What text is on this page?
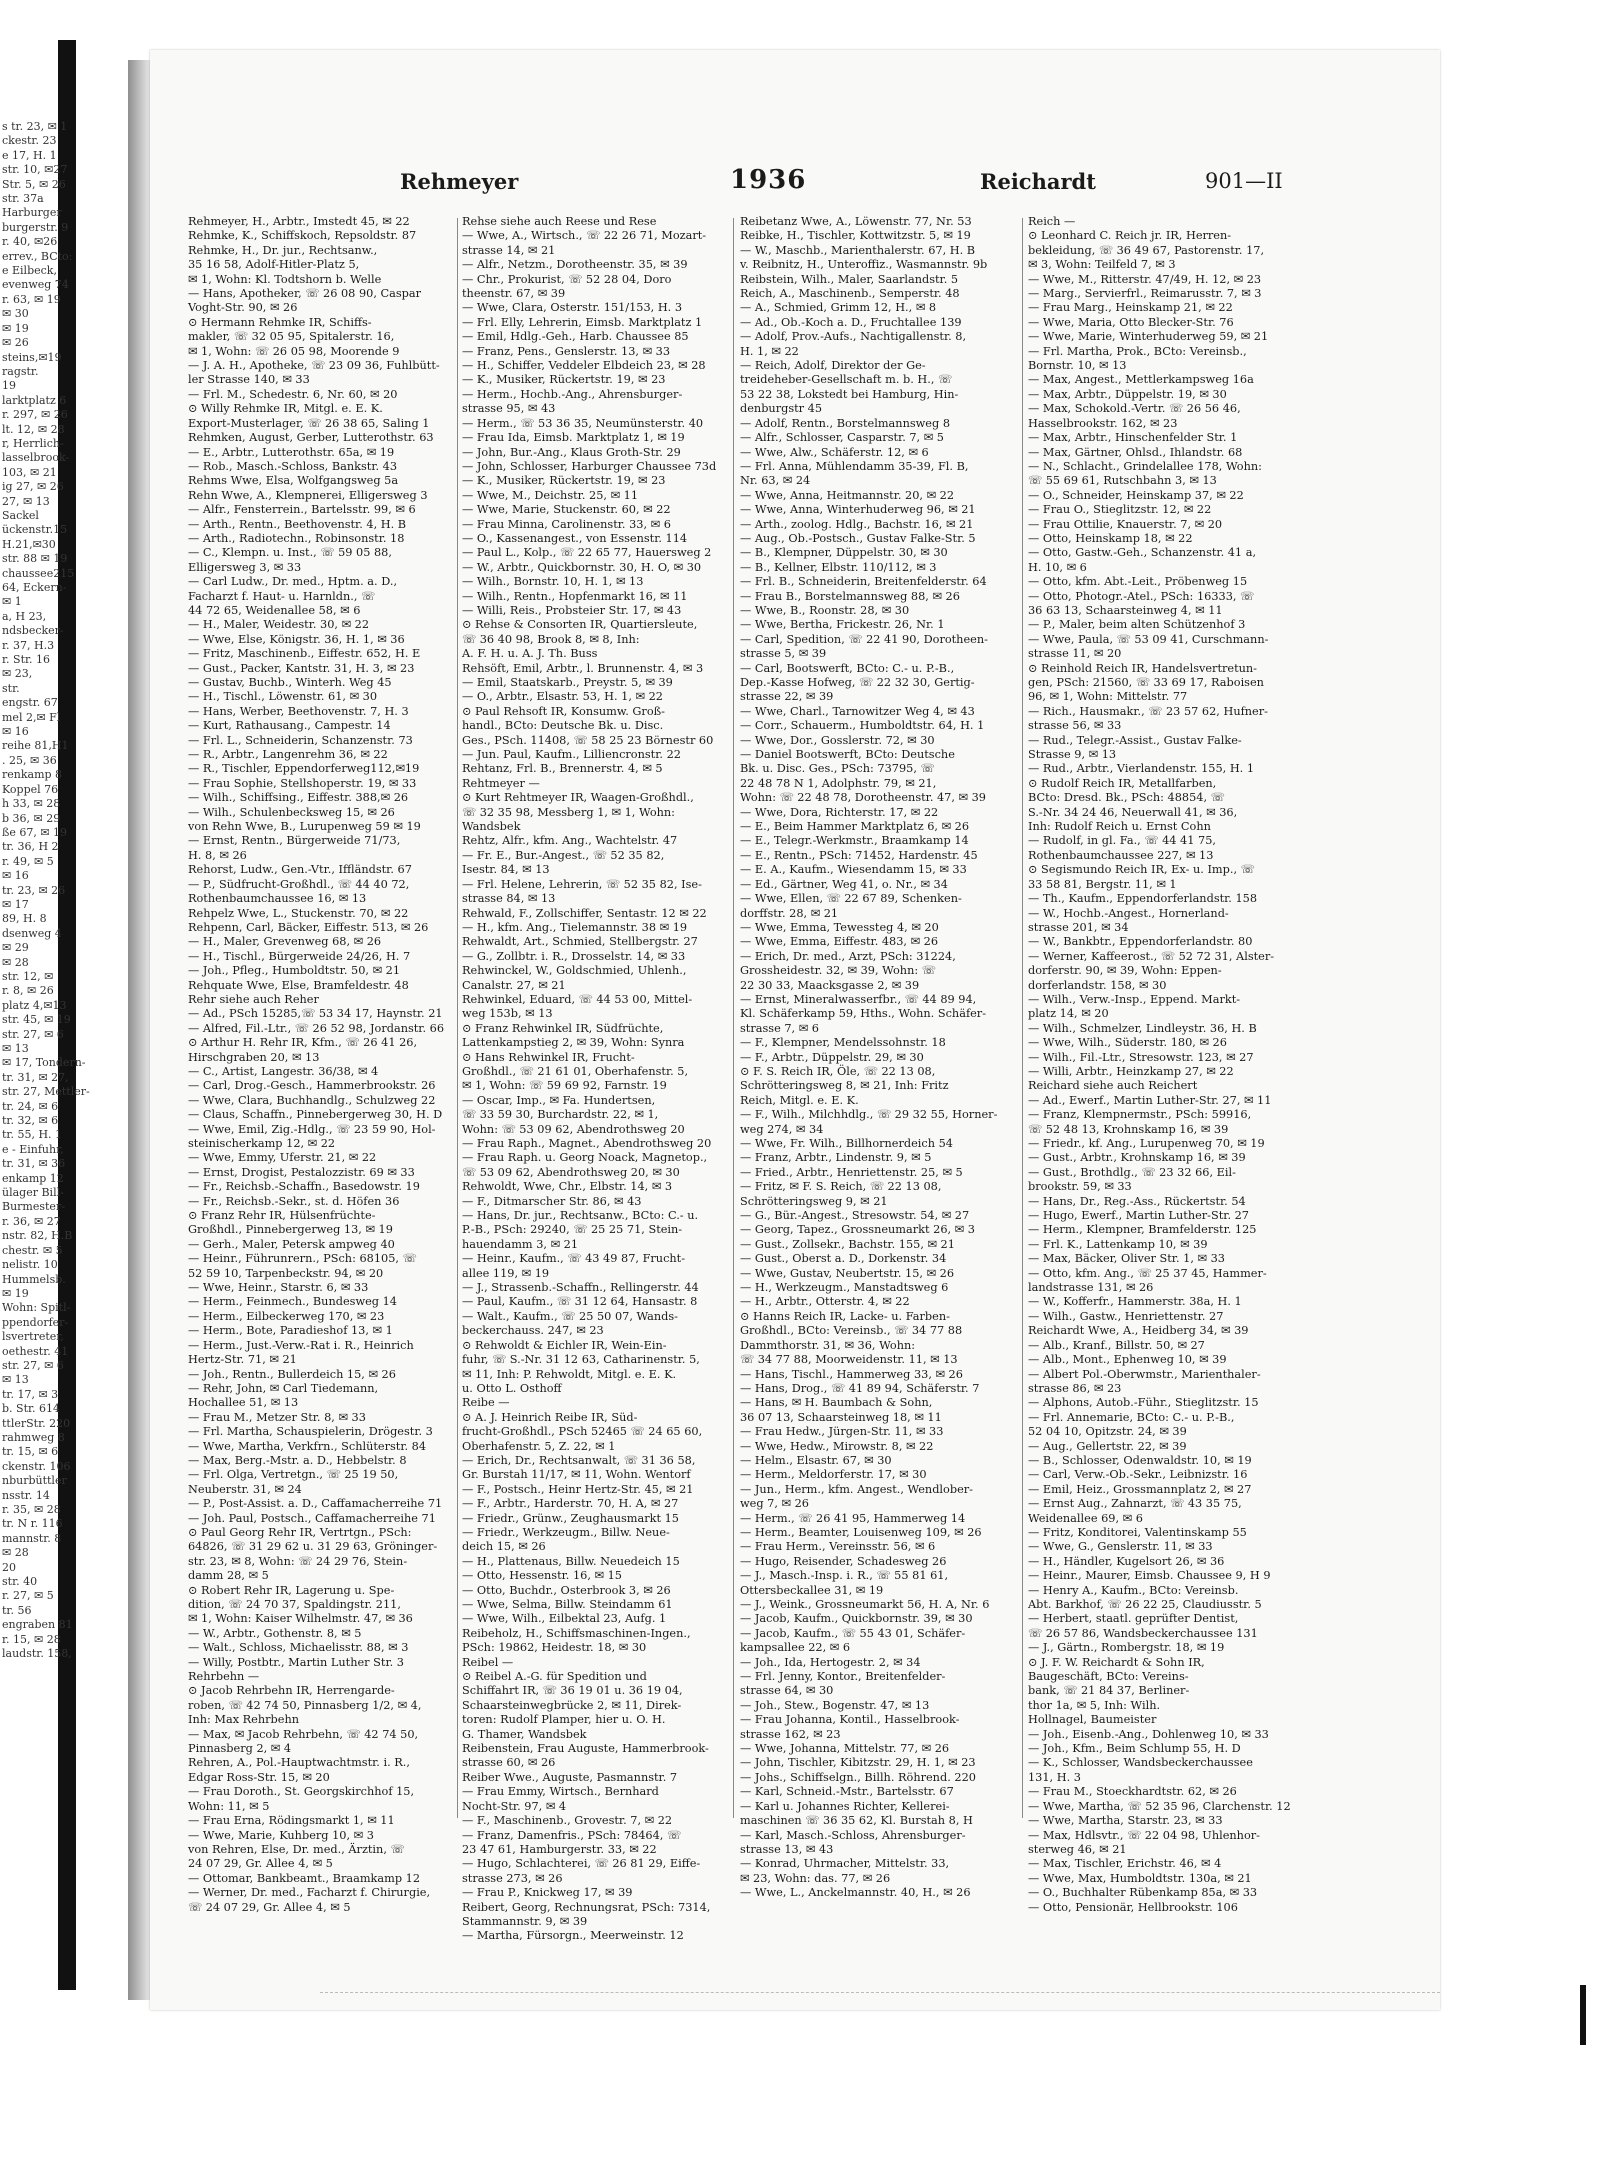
s tr. 23, ✉ 1
ckestr. 23
e 17, H. 1
str. 10, ✉27
Str. 5, ✉ 26
str. 37a
Harburger
burgerstr. 9
r. 40, ✉26
errev., BCto:
e Eilbeck,
evenweg 74
r. 63, ✉ 19
✉ 30
✉ 19
✉ 26
steins,✉19
ragstr.
19
larktplatz 6
r. 297, ✉ 26
lt. 12, ✉ 28
r, Herrlich-
lasselbrook-
103, ✉ 21
ig 27, ✉ 26
27, ✉ 13
Sackel
ückenstr.15
H.21,✉30
str. 88 ✉ 19
chaussee215
64, Eckern-
✉ 1
a, H 23,
ndsbecker-
r. 37, H.3
r. Str. 16
✉ 23,
str.
engstr. 67
mel 2,✉ Fl
✉ 16
reihe 81,H1
. 25, ✉ 36
renkamp 8
Koppel 76
h 33, ✉ 28
b 36, ✉ 29
ße 67, ✉ 19
tr. 36, H 2
r. 49, ✉ 5
✉ 16
tr. 23, ✉ 26
✉ 17
89, H. 8
dsenweg 4
✉ 29
✉ 28
str. 12, ✉
r. 8, ✉ 26
platz 4,✉13
str. 45, ✉ 19
str. 27, ✉ 6
✉ 13
✉ 17, Tondern-
tr. 31, ✉ 27,
str. 27, Mettler-
tr. 24, ✉ 6
tr. 32, ✉ 6
tr. 55, H. 1
e - Einfuhr,
tr. 31, ✉ 36
enkamp 12
ülager Bill-
Burmester-
r. 36, ✉ 27
nstr. 82, H.B
chestr. ✉ 5
nelistr. 10
Hummelsb.
✉ 19
Wohn: Spitl-
ppendorfer-
lsvertreter,
oethestr. 41
str. 27, ✉ 6
✉ 13
tr. 17, ✉ 3
b. Str. 614
ttlerStr. 220
rahmweg 8
tr. 15, ✉ 6
ckenstr. 106
nburbüttler
nsstr. 14
r. 35, ✉ 28
tr. N r. 116
mannstr. 8
✉ 28
20
str. 40
r. 27, ✉ 5
tr. 56
engraben 81
r. 15, ✉ 28
laudstr. 158,
Rehmeyer	1936	Reichardt	901—II
Rehmeyer, H., Arbtr., Imstedt 45, ✉ 22
Rehmke, K., Schiffskoch, Repsoldstr. 87
Rehmke, H., Dr. jur., Rechtsanw.,
35 16 58, Adolf-Hitler-Platz 5,
✉ 1, Wohn: Kl. Todtshorn b. Welle
— Hans, Apotheker, ☏ 26 08 90, Caspar
Voght-Str. 90, ✉ 26
⊙ Hermann Rehmke IR, Schiffs-
makler, ☏ 32 05 95, Spitalerstr. 16,
✉ 1, Wohn: ☏ 26 05 98, Moorende 9
— J. A. H., Apotheke, ☏ 23 09 36, Fuhlbütt-
ler Strasse 140, ✉ 33
— Frl. M., Schedestr. 6, Nr. 60, ✉ 20
⊙ Willy Rehmke IR, Mitgl. e. E. K.
Export-Musterlager, ☏ 26 38 65, Saling 1
Rehmken, August, Gerber, Lutterothstr. 63
— E., Arbtr., Lutterothstr. 65a, ✉ 19
— Rob., Masch.-Schloss, Bankstr. 43
Rehms Wwe, Elsa, Wolfgangsweg 5a
Rehn Wwe, A., Klempnerei, Elligersweg 3
— Alfr., Fensterrein., Bartelsstr. 99, ✉ 6
— Arth., Rentn., Beethovenstr. 4, H. B
— Arth., Radiotechn., Robinsonstr. 18
— C., Klempn. u. Inst., ☏ 59 05 88,
Elligersweg 3, ✉ 33
— Carl Ludw., Dr. med., Hptm. a. D.,
Facharzt f. Haut- u. Harnldn., ☏
44 72 65, Weidenallee 58, ✉ 6
— H., Maler, Weidestr. 30, ✉ 22
— Wwe, Else, Königstr. 36, H. 1, ✉ 36
— Fritz, Maschinenb., Eiffestr. 652, H. E
— Gust., Packer, Kantstr. 31, H. 3, ✉ 23
— Gustav, Buchb., Winterh. Weg 45
— H., Tischl., Löwenstr. 61, ✉ 30
— Hans, Werber, Beethovenstr. 7, H. 3
— Kurt, Rathausang., Campestr. 14
— Frl. L., Schneiderin, Schanzenstr. 73
— R., Arbtr., Langenrehm 36, ✉ 22
— R., Tischler, Eppendorferweg112,✉19
— Frau Sophie, Stellshoperstr. 19, ✉ 33
— Wilh., Schiffsing., Eiffestr. 388,✉ 26
— Wilh., Schulenbecksweg 15, ✉ 26
von Rehn Wwe, B., Lurupenweg 59 ✉ 19
— Ernst, Rentn., Bürgerweide 71/73,
H. 8, ✉ 26
Rehorst, Ludw., Gen.-Vtr., Iffländstr. 67
— P., Südfrucht-Großhdl., ☏ 44 40 72,
Rothenbaumchaussee 16, ✉ 13
Rehpelz Wwe, L., Stuckenstr. 70, ✉ 22
Rehpenn, Carl, Bäcker, Eiffestr. 513, ✉ 26
— H., Maler, Grevenweg 68, ✉ 26
— H., Tischl., Bürgerweide 24/26, H. 7
— Joh., Pfleg., Humboldtstr. 50, ✉ 21
Rehquate Wwe, Else, Bramfeldestr. 48
Rehr siehe auch Reher
— Ad., PSch 15285,☏ 53 34 17, Haynstr. 21
— Alfred, Fil.-Ltr., ☏ 26 52 98, Jordanstr. 66
⊙ Arthur H. Rehr IR, Kfm., ☏ 26 41 26,
Hirschgraben 20, ✉ 13
— C., Artist, Langestr. 36/38, ✉ 4
— Carl, Drog.-Gesch., Hammerbrookstr. 26
— Wwe, Clara, Buchhandlg., Schulzweg 22
— Claus, Schaffn., Pinnebergerweg 30, H. D
— Wwe, Emil, Zig.-Hdlg., ☏ 23 59 90, Hol-
steinischerkamp 12, ✉ 22
— Wwe, Emmy, Uferstr. 21, ✉ 22
— Ernst, Drogist, Pestalozzistr. 69 ✉ 33
— Fr., Reichsb.-Schaffn., Basedowstr. 19
— Fr., Reichsb.-Sekr., st. d. Höfen 36
⊙ Franz Rehr IR, Hülsenfrüchte-
Großhdl., Pinnebergerweg 13, ✉ 19
— Gerh., Maler, Petersk ampweg 40
— Heinr., Führunrern., PSch: 68105, ☏
52 59 10, Tarpenbeckstr. 94, ✉ 20
— Wwe, Heinr., Starstr. 6, ✉ 33
— Herm., Feinmech., Bundesweg 14
— Herm., Eilbeckerweg 170, ✉ 23
— Herm., Bote, Paradieshof 13, ✉ 1
— Herm., Just.-Verw.-Rat i. R., Heinrich
Hertz-Str. 71, ✉ 21
— Joh., Rentn., Bullerdeich 15, ✉ 26
— Rehr, John, ✉ Carl Tiedemann,
Hochallee 51, ✉ 13
— Frau M., Metzer Str. 8, ✉ 33
— Frl. Martha, Schauspielerin, Drögestr. 3
— Wwe, Martha, Verkfrn., Schlüterstr. 84
— Max, Berg.-Mstr. a. D., Hebbelstr. 8
— Frl. Olga, Vertretgn., ☏ 25 19 50,
Neuberstr. 31, ✉ 24
— P., Post-Assist. a. D., Caffamacherreihe 71
— Joh. Paul, Postsch., Caffamacherreihe 71
⊙ Paul Georg Rehr IR, Vertrtgn., PSch:
64826, ☏ 31 29 62 u. 31 29 63, Gröninger-
str. 23, ✉ 8, Wohn: ☏ 24 29 76, Stein-
damm 28, ✉ 5
⊙ Robert Rehr IR, Lagerung u. Spe-
dition, ☏ 24 70 37, Spaldingstr. 211,
✉ 1, Wohn: Kaiser Wilhelmstr. 47, ✉ 36
— W., Arbtr., Gothenstr. 8, ✉ 5
— Walt., Schloss, Michaelisstr. 88, ✉ 3
— Willy, Postbtr., Martin Luther Str. 3
Rehrbehn —
⊙ Jacob Rehrbehn IR, Herrengarde-
roben, ☏ 42 74 50, Pinnasberg 1/2, ✉ 4,
Inh: Max Rehrbehn
— Max, ✉ Jacob Rehrbehn, ☏ 42 74 50,
Pinnasberg 2, ✉ 4
Rehren, A., Pol.-Hauptwachtmstr. i. R.,
Edgar Ross-Str. 15, ✉ 20
— Frau Doroth., St. Georgskirchhof 15,
Wohn: 11, ✉ 5
— Frau Erna, Rödingsmarkt 1, ✉ 11
— Wwe, Marie, Kuhberg 10, ✉ 3
von Rehren, Else, Dr. med., Ärztin, ☏
24 07 29, Gr. Allee 4, ✉ 5
— Ottomar, Bankbeamt., Braamkamp 12
— Werner, Dr. med., Facharzt f. Chirurgie,
☏ 24 07 29, Gr. Allee 4, ✉ 5
Rehse siehe auch Reese und Rese
— Wwe, A., Wirtsch., ☏ 22 26 71, Mozart-
strasse 14, ✉ 21
— Alfr., Netzm., Dorotheenstr. 35, ✉ 39
— Chr., Prokurist, ☏ 52 28 04, Doro
theenstr. 67, ✉ 39
— Wwe, Clara, Osterstr. 151/153, H. 3
— Frl. Elly, Lehrerin, Eimsb. Marktplatz 1
— Emil, Hdlg.-Geh., Harb. Chaussee 85
— Franz, Pens., Genslerstr. 13, ✉ 33
— H., Schiffer, Veddeler Elbdeich 23, ✉ 28
— K., Musiker, Rückertstr. 19, ✉ 23
— Herm., Hochb.-Ang., Ahrensburger-
strasse 95, ✉ 43
— Herm., ☏ 53 36 35, Neumünsterstr. 40
— Frau Ida, Eimsb. Marktplatz 1, ✉ 19
— John, Bur.-Ang., Klaus Groth-Str. 29
— John, Schlosser, Harburger Chaussee 73d
— K., Musiker, Rückertstr. 19, ✉ 23
— Wwe, M., Deichstr. 25, ✉ 11
— Wwe, Marie, Stuckenstr. 60, ✉ 22
— Frau Minna, Carolinenstr. 33, ✉ 6
— O., Kassenangest., von Essenstr. 114
— Paul L., Kolp., ☏ 22 65 77, Hauersweg 2
— W., Arbtr., Quickbornstr. 30, H. O, ✉ 30
— Wilh., Bornstr. 10, H. 1, ✉ 13
— Wilh., Rentn., Hopfenmarkt 16, ✉ 11
— Willi, Reis., Probsteier Str. 17, ✉ 43
⊙ Rehse & Consorten IR, Quartiersleute,
☏ 36 40 98, Brook 8, ✉ 8, Inh:
A. F. H. u. A. J. Th. Buss
Rehsöft, Emil, Arbtr., l. Brunnenstr. 4, ✉ 3
— Emil, Staatskarb., Preystr. 5, ✉ 39
— O., Arbtr., Elsastr. 53, H. 1, ✉ 22
⊙ Paul Rehsoft IR, Konsumw. Groß-
handl., BCto: Deutsche Bk. u. Disc.
Ges., PSch. 11408, ☏ 58 25 23 Börnestr 60
— Jun. Paul, Kaufm., Lilliencronstr. 22
Rehtanz, Frl. B., Brennerstr. 4, ✉ 5
Rehtmeyer —
⊙ Kurt Rehtmeyer IR, Waagen-Großhdl.,
☏ 32 35 98, Messberg 1, ✉ 1, Wohn:
Wandsbek
Rehtz, Alfr., kfm. Ang., Wachtelstr. 47
— Fr. E., Bur.-Angest., ☏ 52 35 82,
Isestr. 84, ✉ 13
— Frl. Helene, Lehrerin, ☏ 52 35 82, Ise-
strasse 84, ✉ 13
Rehwald, F., Zollschiffer, Sentastr. 12 ✉ 22
— H., kfm. Ang., Tielemannstr. 38 ✉ 19
Rehwaldt, Art., Schmied, Stellbergstr. 27
— G., Zollbtr. i. R., Drosselstr. 14, ✉ 33
Rehwinckel, W., Goldschmied, Uhlenh.,
Canalstr. 27, ✉ 21
Rehwinkel, Eduard, ☏ 44 53 00, Mittel-
weg 153b, ✉ 13
⊙ Franz Rehwinkel IR, Südfrüchte,
Lattenkampstieg 2, ✉ 39, Wohn: Synra
⊙ Hans Rehwinkel IR, Frucht-
Großhdl., ☏ 21 61 01, Oberhafenstr. 5,
✉ 1, Wohn: ☏ 59 69 92, Farnstr. 19
— Oscar, Imp., ✉ Fa. Hundertsen,
☏ 33 59 30, Burchardstr. 22, ✉ 1,
Wohn: ☏ 53 09 62, Abendrothsweg 20
— Frau Raph., Magnet., Abendrothsweg 20
— Frau Raph. u. Georg Noack, Magnetop.,
☏ 53 09 62, Abendrothsweg 20, ✉ 30
Rehwoldt, Wwe, Chr., Elbstr. 14, ✉ 3
— F., Ditmarscher Str. 86, ✉ 43
— Hans, Dr. jur., Rechtsanw., BCto: C.- u.
P.-B., PSch: 29240, ☏ 25 25 71, Stein-
hauendamm 3, ✉ 21
— Heinr., Kaufm., ☏ 43 49 87, Frucht-
allee 119, ✉ 19
— J., Strassenb.-Schaffn., Rellingerstr. 44
— Paul, Kaufm., ☏ 31 12 64, Hansastr. 8
— Walt., Kaufm., ☏ 25 50 07, Wands-
beckerchauss. 247, ✉ 23
⊙ Rehwoldt & Eichler IR, Wein-Ein-
fuhr, ☏ S.-Nr. 31 12 63, Catharinenstr. 5,
✉ 11, Inh: P. Rehwoldt, Mitgl. e. E. K.
u. Otto L. Osthoff
Reibe —
⊙ A. J. Heinrich Reibe IR, Süd-
frucht-Großhdl., PSch 52465 ☏ 24 65 60,
Oberhafenstr. 5, Z. 22, ✉ 1
— Erich, Dr., Rechtsanwalt, ☏ 31 36 58,
Gr. Burstah 11/17, ✉ 11, Wohn. Wentorf
— F., Postsch., Heinr Hertz-Str. 45, ✉ 21
— F., Arbtr., Harderstr. 70, H. A, ✉ 27
— Friedr., Grünw., Zeughausmarkt 15
— Friedr., Werkzeugm., Billw. Neue-
deich 15, ✉ 26
— H., Plattenaus, Billw. Neuedeich 15
— Otto, Hessenstr. 16, ✉ 15
— Otto, Buchdr., Osterbrook 3, ✉ 26
— Wwe, Selma, Billw. Steindamm 61
— Wwe, Wilh., Eilbektal 23, Aufg. 1
Reibeholz, H., Schiffsmaschinen-Ingen.,
PSch: 19862, Heidestr. 18, ✉ 30
Reibel —
⊙ Reibel A.-G. für Spedition und
Schiffahrt IR, ☏ 36 19 01 u. 36 19 04,
Schaarsteinwegbrücke 2, ✉ 11, Direk-
toren: Rudolf Plamper, hier u. O. H.
G. Thamer, Wandsbek
Reibenstein, Frau Auguste, Hammerbrook-
strasse 60, ✉ 26
Reiber Wwe., Auguste, Pasmannstr. 7
— Frau Emmy, Wirtsch., Bernhard
Nocht-Str. 97, ✉ 4
— F., Maschinenb., Grovestr. 7, ✉ 22
— Franz, Damenfris., PSch: 78464, ☏
23 47 61, Hamburgerstr. 33, ✉ 22
— Hugo, Schlachterei, ☏ 26 81 29, Eiffe-
strasse 273, ✉ 26
— Frau P., Knickweg 17, ✉ 39
Reibert, Georg, Rechnungsrat, PSch: 7314,
Stammannstr. 9, ✉ 39
— Martha, Fürsorgn., Meerweinstr. 12
Reibetanz Wwe, A., Löwenstr. 77, Nr. 53
Reibke, H., Tischler, Kottwitzstr. 5, ✉ 19
— W., Maschb., Marienthalerstr. 67, H. B
v. Reibnitz, H., Unteroffiz., Wasmannstr. 9b
Reibstein, Wilh., Maler, Saarlandstr. 5
Reich, A., Maschinenb., Semperstr. 48
— A., Schmied, Grimm 12, H., ✉ 8
— Ad., Ob.-Koch a. D., Fruchtallee 139
— Adolf, Prov.-Aufs., Nachtigallenstr. 8,
H. 1, ✉ 22
— Reich, Adolf, Direktor der Ge-
treideheber-Gesellschaft m. b. H., ☏
53 22 38, Lokstedt bei Hamburg, Hin-
denburgstr 45
— Adolf, Rentn., Borstelmannsweg 8
— Alfr., Schlosser, Casparstr. 7, ✉ 5
— Wwe, Alw., Schäferstr. 12, ✉ 6
— Frl. Anna, Mühlendamm 35-39, Fl. B,
Nr. 63, ✉ 24
— Wwe, Anna, Heitmannstr. 20, ✉ 22
— Wwe, Anna, Winterhuderweg 96, ✉ 21
— Arth., zoolog. Hdlg., Bachstr. 16, ✉ 21
— Aug., Ob.-Postsch., Gustav Falke-Str. 5
— B., Klempner, Düppelstr. 30, ✉ 30
— B., Kellner, Elbstr. 110/112, ✉ 3
— Frl. B., Schneiderin, Breitenfelderstr. 64
— Frau B., Borstelmannsweg 88, ✉ 26
— Wwe, B., Roonstr. 28, ✉ 30
— Wwe, Bertha, Frickestr. 26, Nr. 1
— Carl, Spedition, ☏ 22 41 90, Dorotheen-
strasse 5, ✉ 39
— Carl, Bootswerft, BCto: C.- u. P.-B.,
Dep.-Kasse Hofweg, ☏ 22 32 30, Gertig-
strasse 22, ✉ 39
— Wwe, Charl., Tarnowitzer Weg 4, ✉ 43
— Corr., Schauerm., Humboldtstr. 64, H. 1
— Wwe, Dor., Gosslerstr. 72, ✉ 30
— Daniel Bootswerft, BCto: Deutsche
Bk. u. Disc. Ges., PSch: 73795, ☏
22 48 78 N 1, Adolphstr. 79, ✉ 21,
Wohn: ☏ 22 48 78, Dorotheenstr. 47, ✉ 39
— Wwe, Dora, Richterstr. 17, ✉ 22
— E., Beim Hammer Marktplatz 6, ✉ 26
— E., Telegr.-Werkmstr., Braamkamp 14
— E., Rentn., PSch: 71452, Hardenstr. 45
— E. A., Kaufm., Wiesendamm 15, ✉ 33
— Ed., Gärtner, Weg 41, o. Nr., ✉ 34
— Wwe, Ellen, ☏ 22 67 89, Schenken-
dorffstr. 28, ✉ 21
— Wwe, Emma, Tewessteg 4, ✉ 20
— Wwe, Emma, Eiffestr. 483, ✉ 26
— Erich, Dr. med., Arzt, PSch: 31224,
Grossheidestr. 32, ✉ 39, Wohn: ☏
22 30 33, Maacksgasse 2, ✉ 39
— Ernst, Mineralwasserfbr., ☏ 44 89 94,
Kl. Schäferkamp 59, Hths., Wohn. Schäfer-
strasse 7, ✉ 6
— F., Klempner, Mendelssohnstr. 18
— F., Arbtr., Düppelstr. 29, ✉ 30
⊙ F. S. Reich IR, Öle, ☏ 22 13 08,
Schrötteringsweg 8, ✉ 21, Inh: Fritz
Reich, Mitgl. e. E. K.
— F., Wilh., Milchhdlg., ☏ 29 32 55, Horner-
weg 274, ✉ 34
— Wwe, Fr. Wilh., Billhornerdeich 54
— Franz, Arbtr., Lindenstr. 9, ✉ 5
— Fried., Arbtr., Henriettenstr. 25, ✉ 5
— Fritz, ✉ F. S. Reich, ☏ 22 13 08,
Schrötteringsweg 9, ✉ 21
— G., Bür.-Angest., Stresowstr. 54, ✉ 27
— Georg, Tapez., Grossneumarkt 26, ✉ 3
— Gust., Zollsekr., Bachstr. 155, ✉ 21
— Gust., Oberst a. D., Dorkenstr. 34
— Wwe, Gustav, Neubertstr. 15, ✉ 26
— H., Werkzeugm., Manstadtsweg 6
— H., Arbtr., Otterstr. 4, ✉ 22
⊙ Hanns Reich IR, Lacke- u. Farben-
Großhdl., BCto: Vereinsb., ☏ 34 77 88
Dammthorstr. 31, ✉ 36, Wohn:
☏ 34 77 88, Moorweidenstr. 11, ✉ 13
— Hans, Tischl., Hammerweg 33, ✉ 26
— Hans, Drog., ☏ 41 89 94, Schäferstr. 7
— Hans, ✉ H. Baumbach & Sohn,
36 07 13, Schaarsteinweg 18, ✉ 11
— Frau Hedw., Jürgen-Str. 11, ✉ 33
— Wwe, Hedw., Mirowstr. 8, ✉ 22
— Helm., Elsastr. 67, ✉ 30
— Herm., Meldorferstr. 17, ✉ 30
— Jun., Herm., kfm. Angest., Wendlober-
weg 7, ✉ 26
— Herm., ☏ 26 41 95, Hammerweg 14
— Herm., Beamter, Louisenweg 109, ✉ 26
— Frau Herm., Vereinsstr. 56, ✉ 6
— Hugo, Reisender, Schadesweg 26
— J., Masch.-Insp. i. R., ☏ 55 81 61,
Ottersbeckallee 31, ✉ 19
— J., Weink., Grossneumarkt 56, H. A, Nr. 6
— Jacob, Kaufm., Quickbornstr. 39, ✉ 30
— Jacob, Kaufm., ☏ 55 43 01, Schäfer-
kampsallee 22, ✉ 6
— Joh., Ida, Hertogestr. 2, ✉ 34
— Frl. Jenny, Kontor., Breitenfelder-
strasse 64, ✉ 30
— Joh., Stew., Bogenstr. 47, ✉ 13
— Frau Johanna, Kontil., Hasselbrook-
strasse 162, ✉ 23
— Wwe, Johanna, Mittelstr. 77, ✉ 26
— John, Tischler, Kibitzstr. 29, H. 1, ✉ 23
— Johs., Schiffselgn., Billh. Röhrend. 220
— Karl, Schneid.-Mstr., Bartelsstr. 67
— Karl u. Johannes Richter, Kellerei-
maschinen ☏ 36 35 62, Kl. Burstah 8, H
— Karl, Masch.-Schloss, Ahrensburger-
strasse 13, ✉ 43
— Konrad, Uhrmacher, Mittelstr. 33,
✉ 23, Wohn: das. 77, ✉ 26
— Wwe, L., Anckelmannstr. 40, H., ✉ 26
Reich —
⊙ Leonhard C. Reich jr. IR, Herren-
bekleidung, ☏ 36 49 67, Pastorenstr. 17,
✉ 3, Wohn: Teilfeld 7, ✉ 3
— Wwe, M., Ritterstr. 47/49, H. 12, ✉ 23
— Marg., Servierfrl., Reimarusstr. 7, ✉ 3
— Frau Marg., Heinskamp 21, ✉ 22
— Wwe, Maria, Otto Blecker-Str. 76
— Wwe, Marie, Winterhuderweg 59, ✉ 21
— Frl. Martha, Prok., BCto: Vereinsb.,
Bornstr. 10, ✉ 13
— Max, Angest., Mettlerkampsweg 16a
— Max, Arbtr., Düppelstr. 19, ✉ 30
— Max, Schokold.-Vertr. ☏ 26 56 46,
Hasselbrookstr. 162, ✉ 23
— Max, Arbtr., Hinschenfelder Str. 1
— Max, Gärtner, Ohlsd., Ihlandstr. 68
— N., Schlacht., Grindelallee 178, Wohn:
☏ 55 69 61, Rutschbahn 3, ✉ 13
— O., Schneider, Heinskamp 37, ✉ 22
— Frau O., Stieglitzstr. 12, ✉ 22
— Frau Ottilie, Knauerstr. 7, ✉ 20
— Otto, Heinskamp 18, ✉ 22
— Otto, Gastw.-Geh., Schanzenstr. 41 a,
H. 10, ✉ 6
— Otto, kfm. Abt.-Leit., Pröbenweg 15
— Otto, Photogr.-Atel., PSch: 16333, ☏
36 63 13, Schaarsteinweg 4, ✉ 11
— P., Maler, beim alten Schützenhof 3
— Wwe, Paula, ☏ 53 09 41, Curschmann-
strasse 11, ✉ 20
⊙ Reinhold Reich IR, Handelsvertretun-
gen, PSch: 21560, ☏ 33 69 17, Raboisen
96, ✉ 1, Wohn: Mittelstr. 77
— Rich., Hausmakr., ☏ 23 57 62, Hufner-
strasse 56, ✉ 33
— Rud., Telegr.-Assist., Gustav Falke-
Strasse 9, ✉ 13
— Rud., Arbtr., Vierlandenstr. 155, H. 1
⊙ Rudolf Reich IR, Metallfarben,
BCto: Dresd. Bk., PSch: 48854, ☏
S.-Nr. 34 24 46, Neuerwall 41, ✉ 36,
Inh: Rudolf Reich u. Ernst Cohn
— Rudolf, in gl. Fa., ☏ 44 41 75,
Rothenbaumchaussee 227, ✉ 13
⊙ Segismundo Reich IR, Ex- u. Imp., ☏
33 58 81, Bergstr. 11, ✉ 1
— Th., Kaufm., Eppendorferlandstr. 158
— W., Hochb.-Angest., Hornerland-
strasse 201, ✉ 34
— W., Bankbtr., Eppendorferlandstr. 80
— Werner, Kaffeerost., ☏ 52 72 31, Alster-
dorferstr. 90, ✉ 39, Wohn: Eppen-
dorferlandstr. 158, ✉ 30
— Wilh., Verw.-Insp., Eppend. Markt-
platz 14, ✉ 20
— Wilh., Schmelzer, Lindleystr. 36, H. B
— Wwe, Wilh., Süderstr. 180, ✉ 26
— Wilh., Fil.-Ltr., Stresowstr. 123, ✉ 27
— Willi, Arbtr., Heinzkamp 27, ✉ 22
Reichard siehe auch Reichert
— Ad., Ewerf., Martin Luther-Str. 27, ✉ 11
— Franz, Klempnermstr., PSch: 59916,
☏ 52 48 13, Krohnskamp 16, ✉ 39
— Friedr., kf. Ang., Lurupenweg 70, ✉ 19
— Gust., Arbtr., Krohnskamp 16, ✉ 39
— Gust., Brothdlg., ☏ 23 32 66, Eil-
brookstr. 59, ✉ 33
— Hans, Dr., Reg.-Ass., Rückertstr. 54
— Hugo, Ewerf., Martin Luther-Str. 27
— Herm., Klempner, Bramfelderstr. 125
— Frl. K., Lattenkamp 10, ✉ 39
— Max, Bäcker, Oliver Str. 1, ✉ 33
— Otto, kfm. Ang., ☏ 25 37 45, Hammer-
landstrasse 131, ✉ 26
— W., Kofferfr., Hammerstr. 38a, H. 1
— Wilh., Gastw., Henriettenstr. 27
Reichardt Wwe, A., Heidberg 34, ✉ 39
— Alb., Kranf., Billstr. 50, ✉ 27
— Alb., Mont., Ephenweg 10, ✉ 39
— Albert Pol.-Oberwmstr., Marienthaler-
strasse 86, ✉ 23
— Alphons, Autob.-Führ., Stieglitzstr. 15
— Frl. Annemarie, BCto: C.- u. P.-B.,
52 04 10, Opitzstr. 24, ✉ 39
— Aug., Gellertstr. 22, ✉ 39
— B., Schlosser, Odenwaldstr. 10, ✉ 19
— Carl, Verw.-Ob.-Sekr., Leibnizstr. 16
— Emil, Heiz., Grossmannplatz 2, ✉ 27
— Ernst Aug., Zahnarzt, ☏ 43 35 75,
Weidenallee 69, ✉ 6
— Fritz, Konditorei, Valentinskamp 55
— Wwe, G., Genslerstr. 11, ✉ 33
— H., Händler, Kugelsort 26, ✉ 36
— Heinr., Maurer, Eimsb. Chaussee 9, H 9
— Henry A., Kaufm., BCto: Vereinsb.
Abt. Barkhof, ☏ 26 22 25, Claudiusstr. 5
— Herbert, staatl. geprüfter Dentist,
☏ 26 57 86, Wandsbeckerchaussee 131
— J., Gärtn., Rombergstr. 18, ✉ 19
⊙ J. F. W. Reichardt & Sohn IR,
Baugeschäft, BCto: Vereins-
bank, ☏ 21 84 37, Berliner-
thor 1a, ✉ 5, Inh: Wilh.
Hollnagel, Baumeister
— Joh., Eisenb.-Ang., Dohlenweg 10, ✉ 33
— Joh., Kfm., Beim Schlump 55, H. D
— K., Schlosser, Wandsbeckerchaussee
131, H. 3
— Frau M., Stoeckhardtstr. 62, ✉ 26
— Wwe, Martha, ☏ 52 35 96, Clarchenstr. 12
— Wwe, Martha, Starstr. 23, ✉ 33
— Max, Hdlsvtr., ☏ 22 04 98, Uhlenhor-
sterweg 46, ✉ 21
— Max, Tischler, Erichstr. 46, ✉ 4
— Wwe, Max, Humboldtstr. 130a, ✉ 21
— O., Buchhalter Rübenkamp 85a, ✉ 33
— Otto, Pensionär, Hellbrookstr. 106
